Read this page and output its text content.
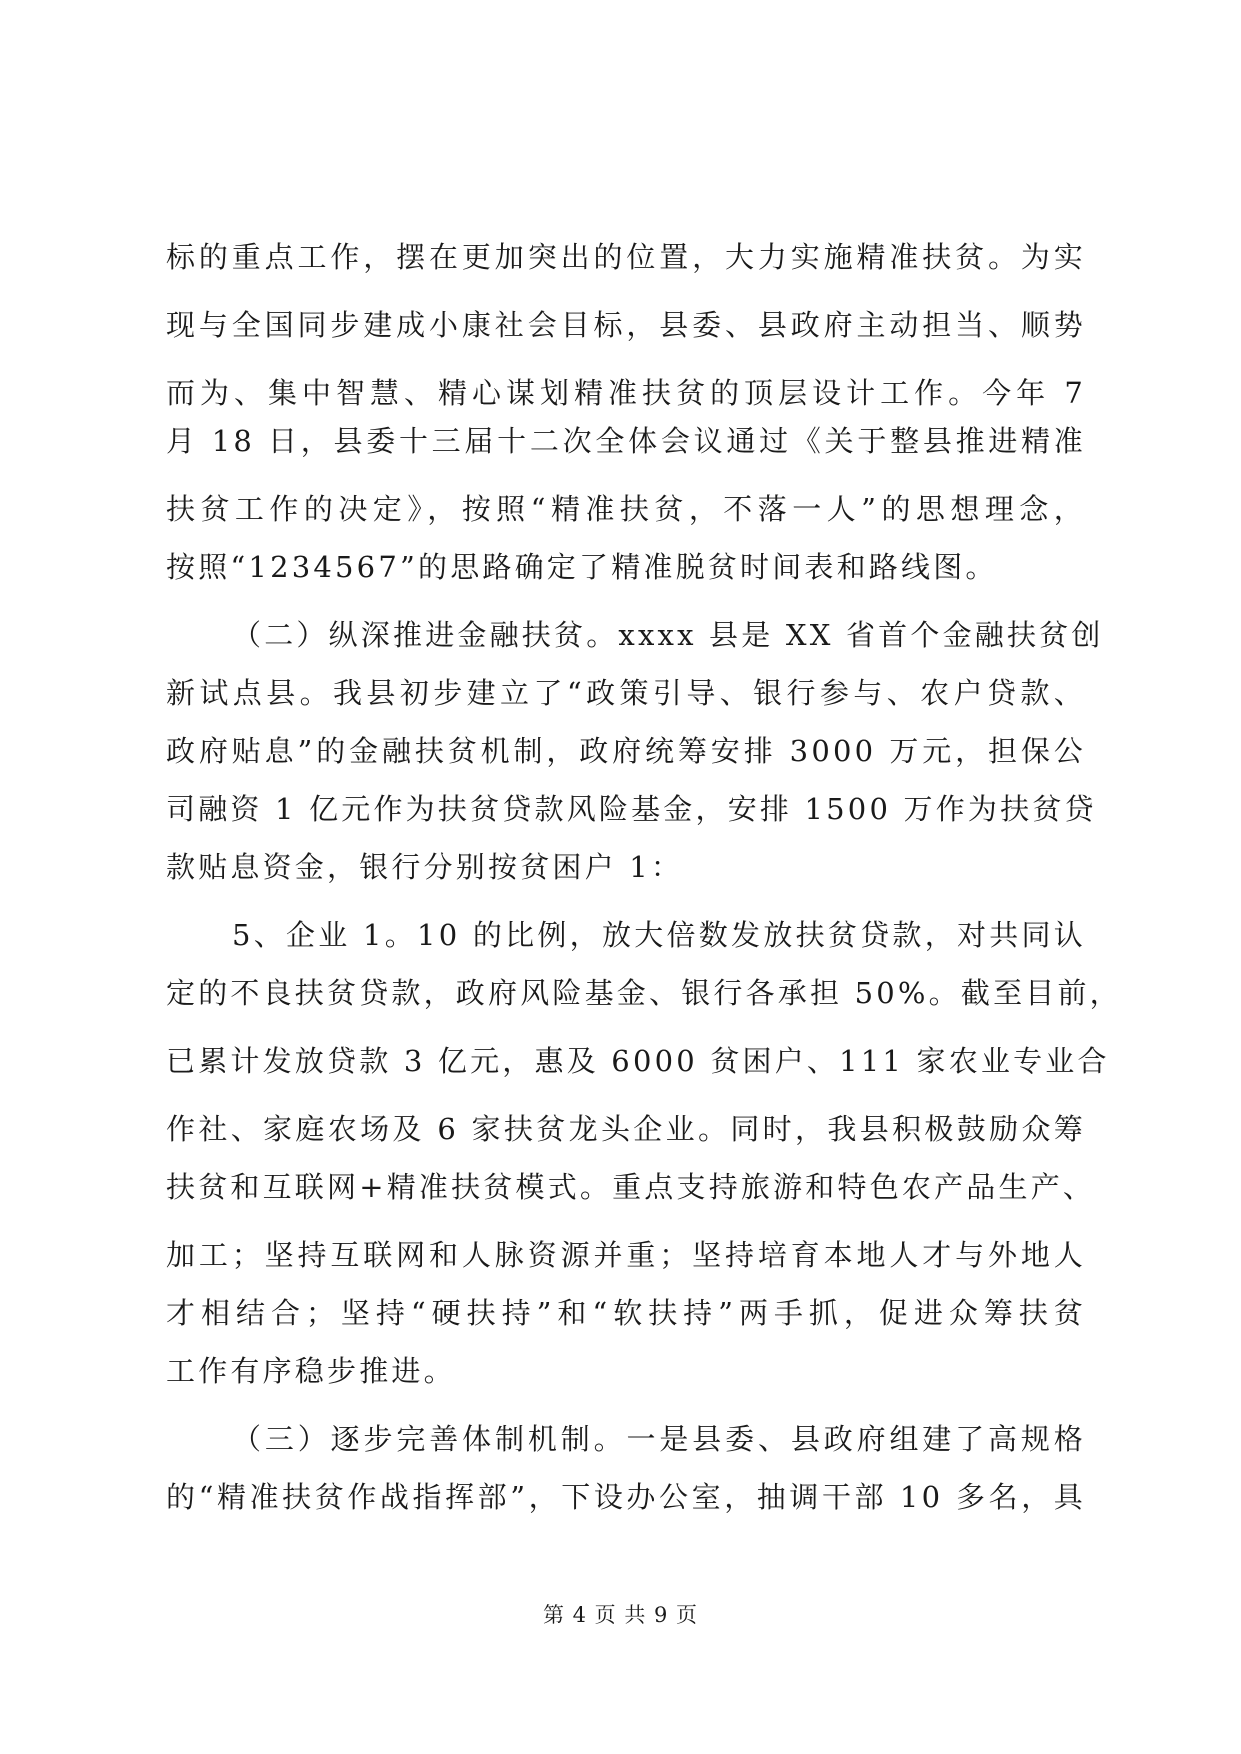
标的重点工作，摆在更加突出的位置，大力实施精准扶贫。为实
现与全国同步建成小康社会目标，县委、县政府主动担当、顺势
而为、集中智慧、精心谋划精准扶贫的顶层设计工作。今年 7
月 18 日，县委十三届十二次全体会议通过《关于整县推进精准
扶贫工作的决定》，按照“精准扶贫，不落一人”的思想理念，
按照“1234567”的思路确定了精准脱贫时间表和路线图。
（二）纵深推进金融扶贫。xxxx 县是 XX 省首个金融扶贫创
新试点县。我县初步建立了“政策引导、银行参与、农户贷款、
政府贴息”的金融扶贫机制，政府统筹安排 3000 万元，担保公
司融资 1 亿元作为扶贫贷款风险基金，安排 1500 万作为扶贫贷
款贴息资金，银行分别按贫困户 1：
5、企业 1。10 的比例，放大倍数发放扶贫贷款，对共同认
定的不良扶贫贷款，政府风险基金、银行各承担 50%。截至目前，
已累计发放贷款 3 亿元，惠及 6000 贫困户、111 家农业专业合
作社、家庭农场及 6 家扶贫龙头企业。同时，我县积极鼓励众筹
扶贫和互联网+精准扶贫模式。重点支持旅游和特色农产品生产、
加工；坚持互联网和人脉资源并重；坚持培育本地人才与外地人
才相结合；坚持“硬扶持”和“软扶持”两手抓，促进众筹扶贫
工作有序稳步推进。
（三）逐步完善体制机制。一是县委、县政府组建了高规格
的“精准扶贫作战指挥部”，下设办公室，抽调干部 10 多名，具
第 4 页 共 9 页
